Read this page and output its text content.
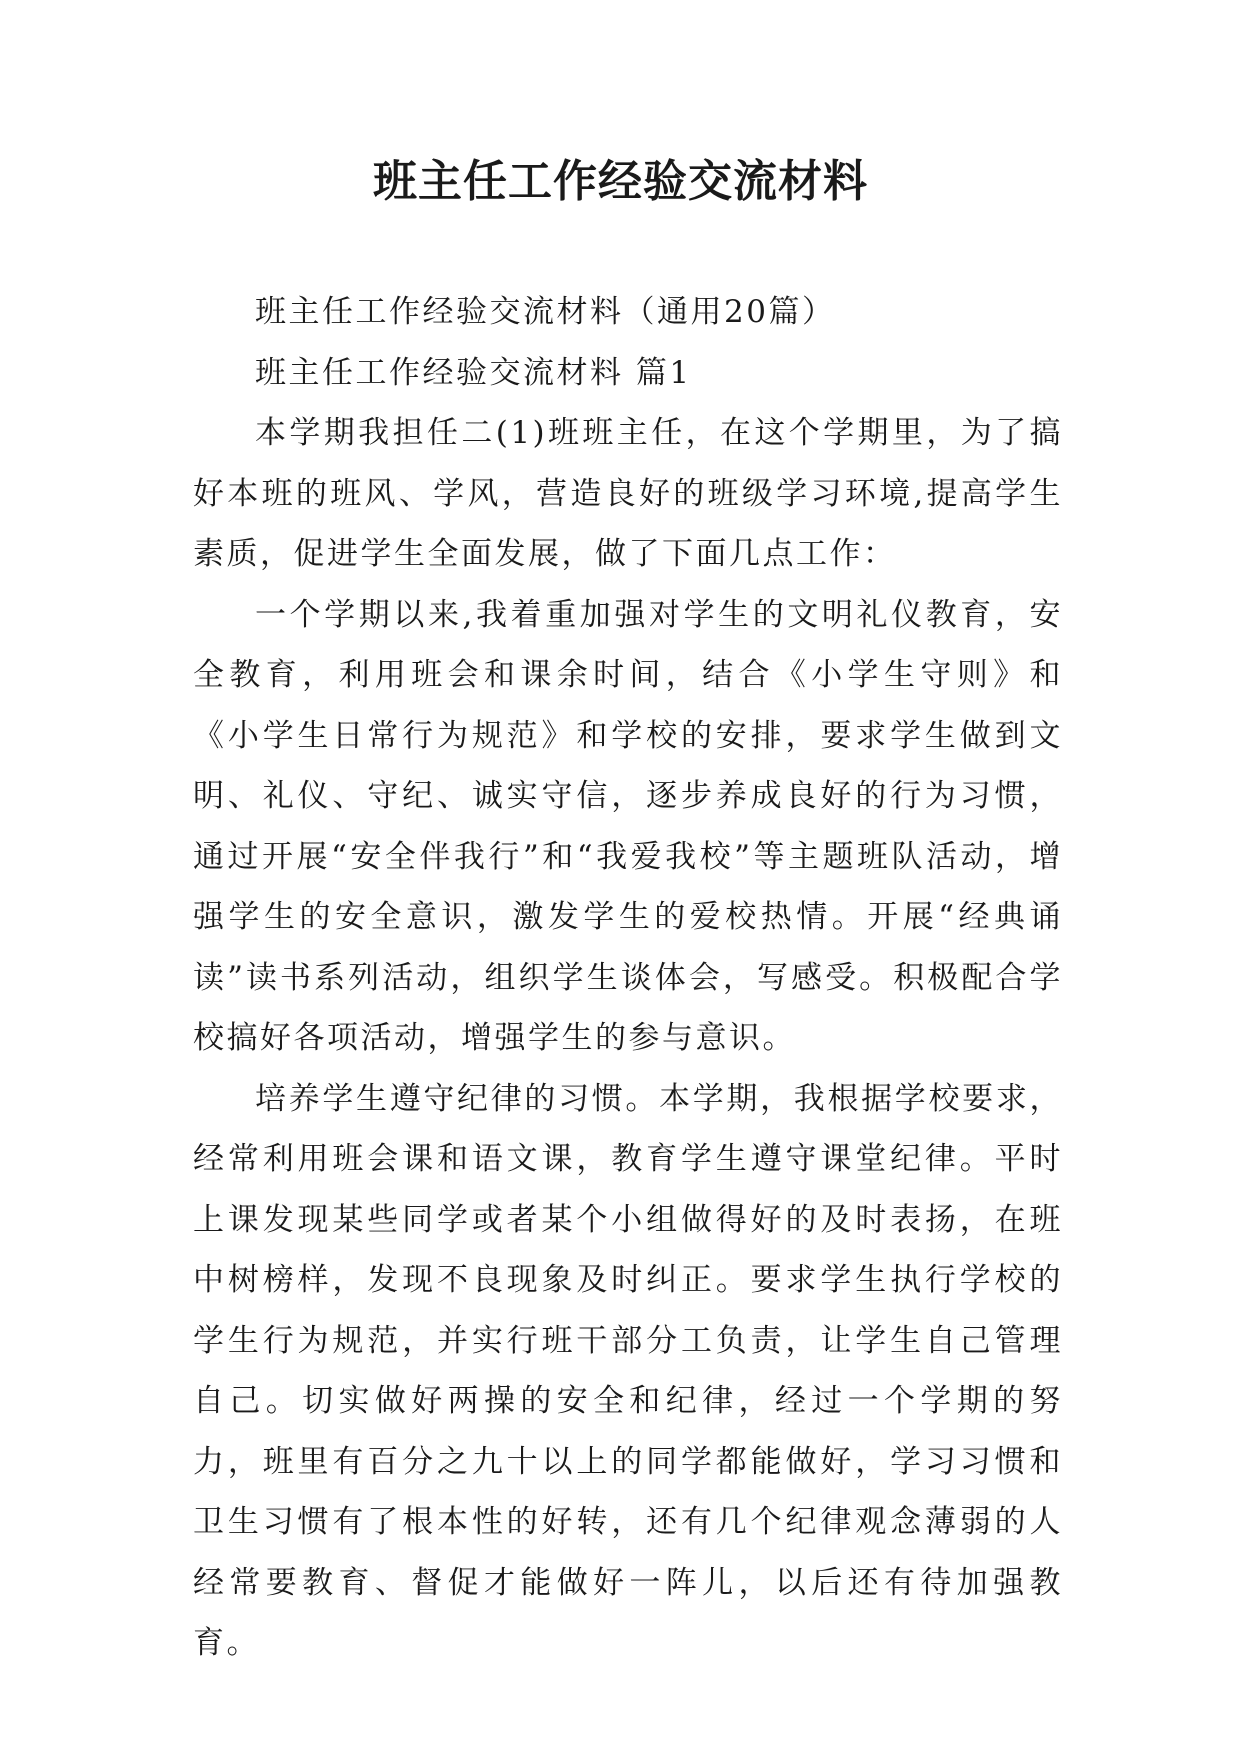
班主任工作经验交流材料

班主任工作经验交流材料（通用20篇）

班主任工作经验交流材料 篇1

本学期我担任二(1)班班主任，在这个学期里，为了搞好本班的班风、学风，营造良好的班级学习环境,提高学生素质，促进学生全面发展，做了下面几点工作：

一个学期以来,我着重加强对学生的文明礼仪教育，安全教育，利用班会和课余时间，结合《小学生守则》和《小学生日常行为规范》和学校的安排，要求学生做到文明、礼仪、守纪、诚实守信，逐步养成良好的行为习惯，通过开展“安全伴我行”和“我爱我校”等主题班队活动，增强学生的安全意识，激发学生的爱校热情。开展“经典诵读”读书系列活动，组织学生谈体会，写感受。积极配合学校搞好各项活动，增强学生的参与意识。

培养学生遵守纪律的习惯。本学期，我根据学校要求，经常利用班会课和语文课，教育学生遵守课堂纪律。平时上课发现某些同学或者某个小组做得好的及时表扬，在班中树榜样，发现不良现象及时纠正。要求学生执行学校的学生行为规范，并实行班干部分工负责，让学生自己管理自己。切实做好两操的安全和纪律，经过一个学期的努力，班里有百分之九十以上的同学都能做好，学习习惯和卫生习惯有了根本性的好转，还有几个纪律观念薄弱的人经常要教育、督促才能做好一阵儿，以后还有待加强教育。
